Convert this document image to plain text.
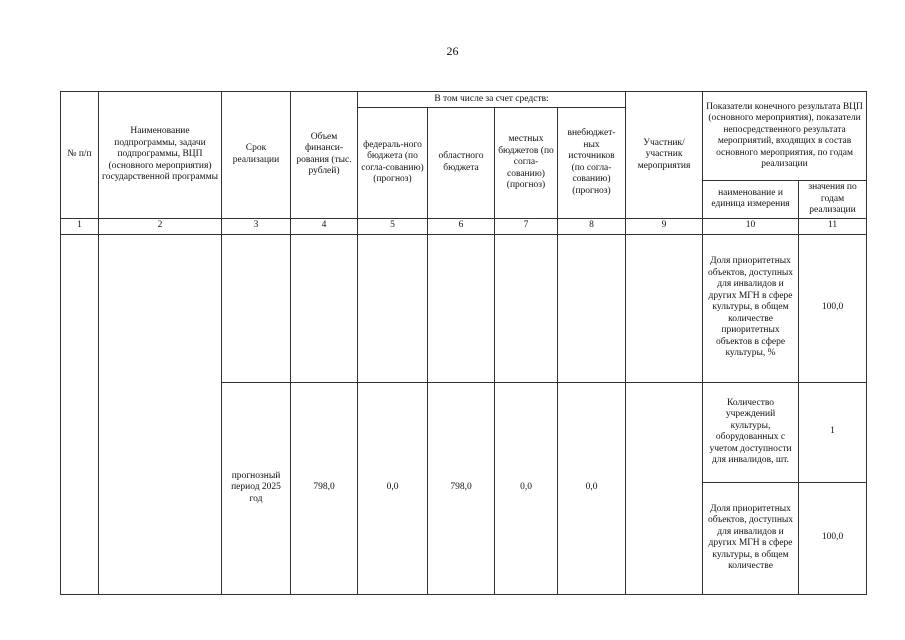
26
№ п/п	Наименование подпрограммы, задачи подпрограммы, ВЦП (основного мероприятия) государственной программы	Срок реализации	Объем финанси-рования (тыс. рублей)	В том числе за счет средств:				Участник/ участник мероприятия	Показатели конечного результата ВЦП (основного мероприятия), показатели непосредственного результата мероприятий, входящих в состав основного мероприятия, по годам реализации	
				федераль-ного бюджета (по согла-сованию) (прогноз)	областного бюджета	местных бюджетов (по согла-сованию) (прогноз)	внебюджет-ных источников (по согла-сованию) (прогноз)			
									наименование и единица измерения	значения по годам реализации
1	2	3	4	5	6	7	8	9	10	11
									Доля приоритетных объектов, доступных для инвалидов и других МГН в сфере культуры, в общем количестве приоритетных объектов в сфере культуры, %	100,0
		прогнозный период 2025 год	798,0	0,0	798,0	0,0	0,0		Количество учреждений культуры, оборудованных с учетом доступности для инвалидов, шт.	1
									Доля приоритетных объектов, доступных для инвалидов и других МГН в сфере культуры, в общем количестве	100,0
